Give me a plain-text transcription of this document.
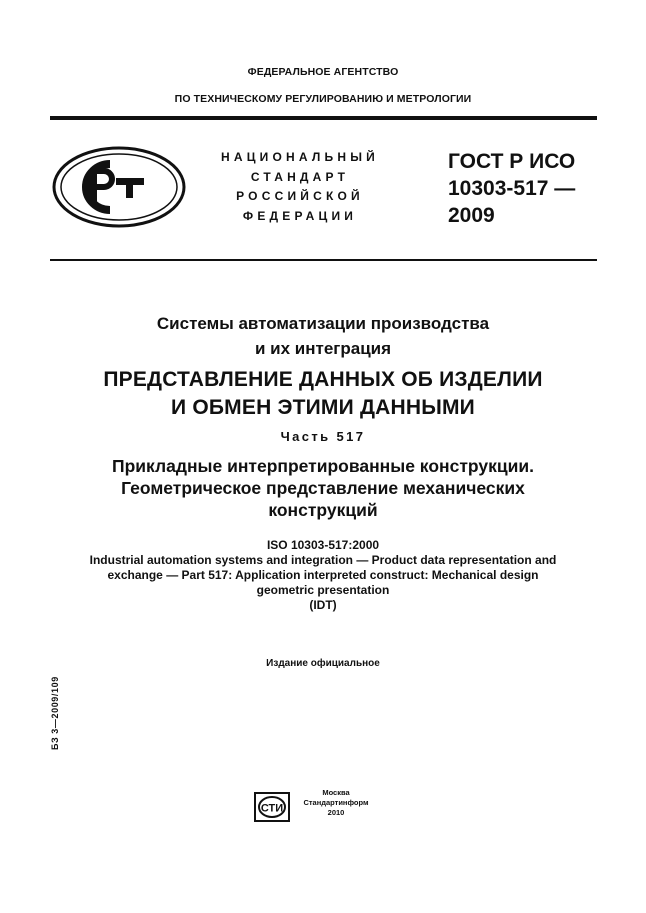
ФЕДЕРАЛЬНОЕ АГЕНТСТВО
ПО ТЕХНИЧЕСКОМУ РЕГУЛИРОВАНИЮ И МЕТРОЛОГИИ
НАЦИОНАЛЬНЫЙ
СТАНДАРТ
РОССИЙСКОЙ
ФЕДЕРАЦИИ
ГОСТ Р ИСО
10303-517 —
2009
Системы автоматизации производства
и их интеграция
ПРЕДСТАВЛЕНИЕ ДАННЫХ ОБ ИЗДЕЛИИ
И ОБМЕН ЭТИМИ ДАННЫМИ
Часть 517
Прикладные интерпретированные конструкции.
Геометрическое представление механических
конструкций
ISO 10303-517:2000
Industrial automation systems and integration — Product data representation and
exchange — Part 517: Application interpreted construct: Mechanical design
geometric presentation
(IDT)
Издание официальное
БЗ 3—2009/109
СТИ
Москва
Стандартинформ
2010
